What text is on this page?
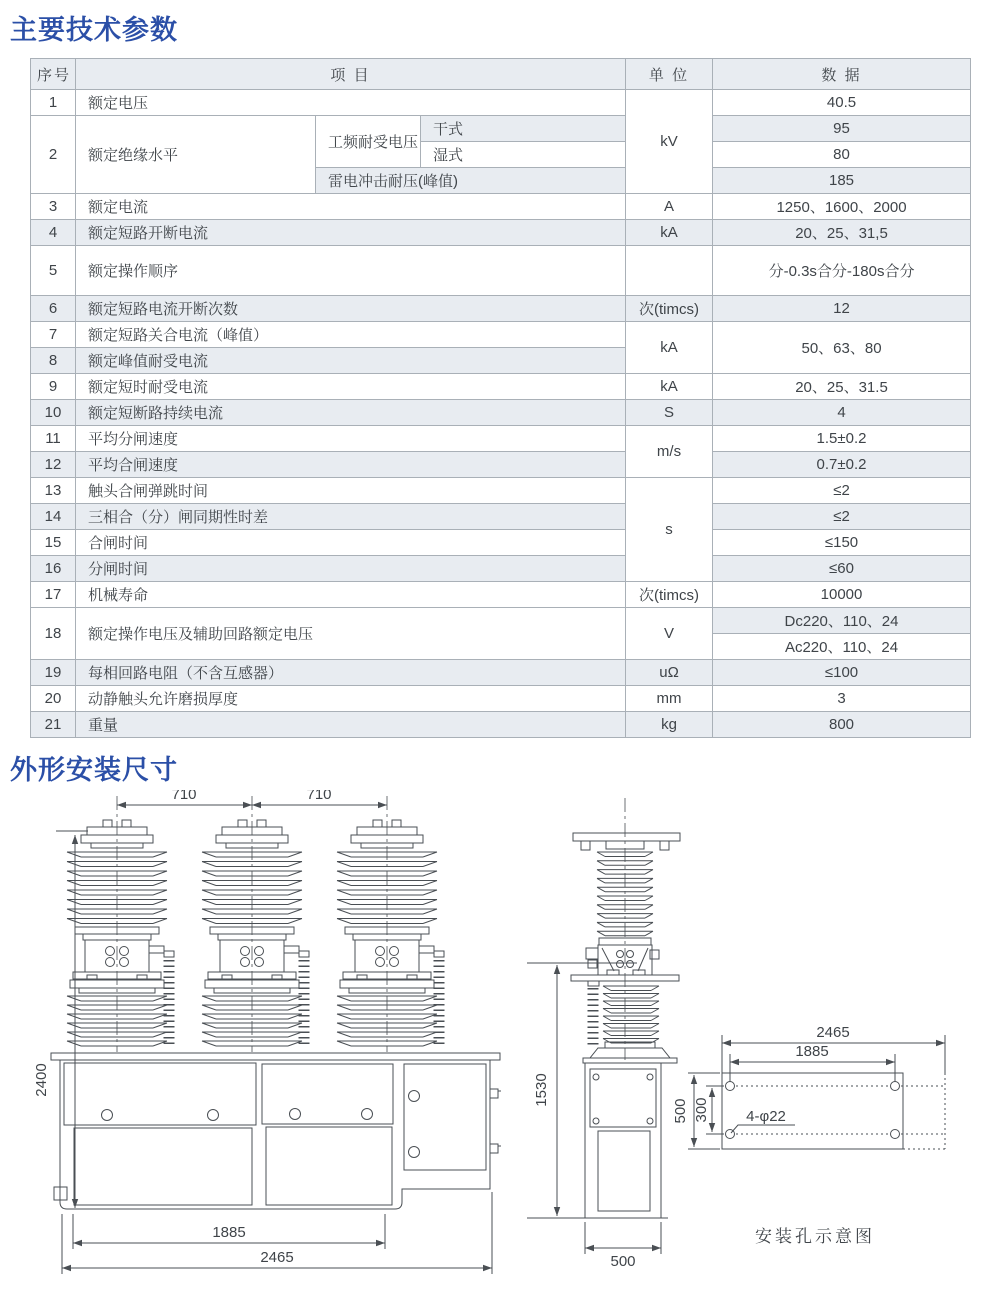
主要技术参数
序号	项 目			单 位	数 据
1	额定电压			kV	40.5
2	额定绝缘水平	工频耐受电压	干式		95
			湿式		80
		雷电冲击耐压(峰值)			185
3	额定电流			A	1250、1600、2000
4	额定短路开断电流			kA	20、25、31,5
5	额定操作顺序				分-0.3s合分-180s合分
6	额定短路电流开断次数			次(timcs)	12
7	额定短路关合电流（峰值）			kA	50、63、80
8	额定峰值耐受电流				
9	额定短时耐受电流			kA	20、25、31.5
10	额定短断路持续电流			S	4
11	平均分闸速度			m/s	1.5±0.2
12	平均合闸速度				0.7±0.2
13	触头合闸弹跳时间			s	≤2
14	三相合（分）闸同期性时差				≤2
15	合闸时间				≤150
16	分闸时间				≤60
17	机械寿命			次(timcs)	10000
18	额定操作电压及辅助回路额定电压			V	Dc220、110、24
					Ac220、110、24
19	每相回路电阻（不含互感器）			uΩ	≤100
20	动静触头允许磨损厚度			mm	3
21	重量			kg	800
外形安装尺寸
710	710
2400
1885
2465
1530
500
2465
1885
500 300 4-φ22
安装孔示意图
